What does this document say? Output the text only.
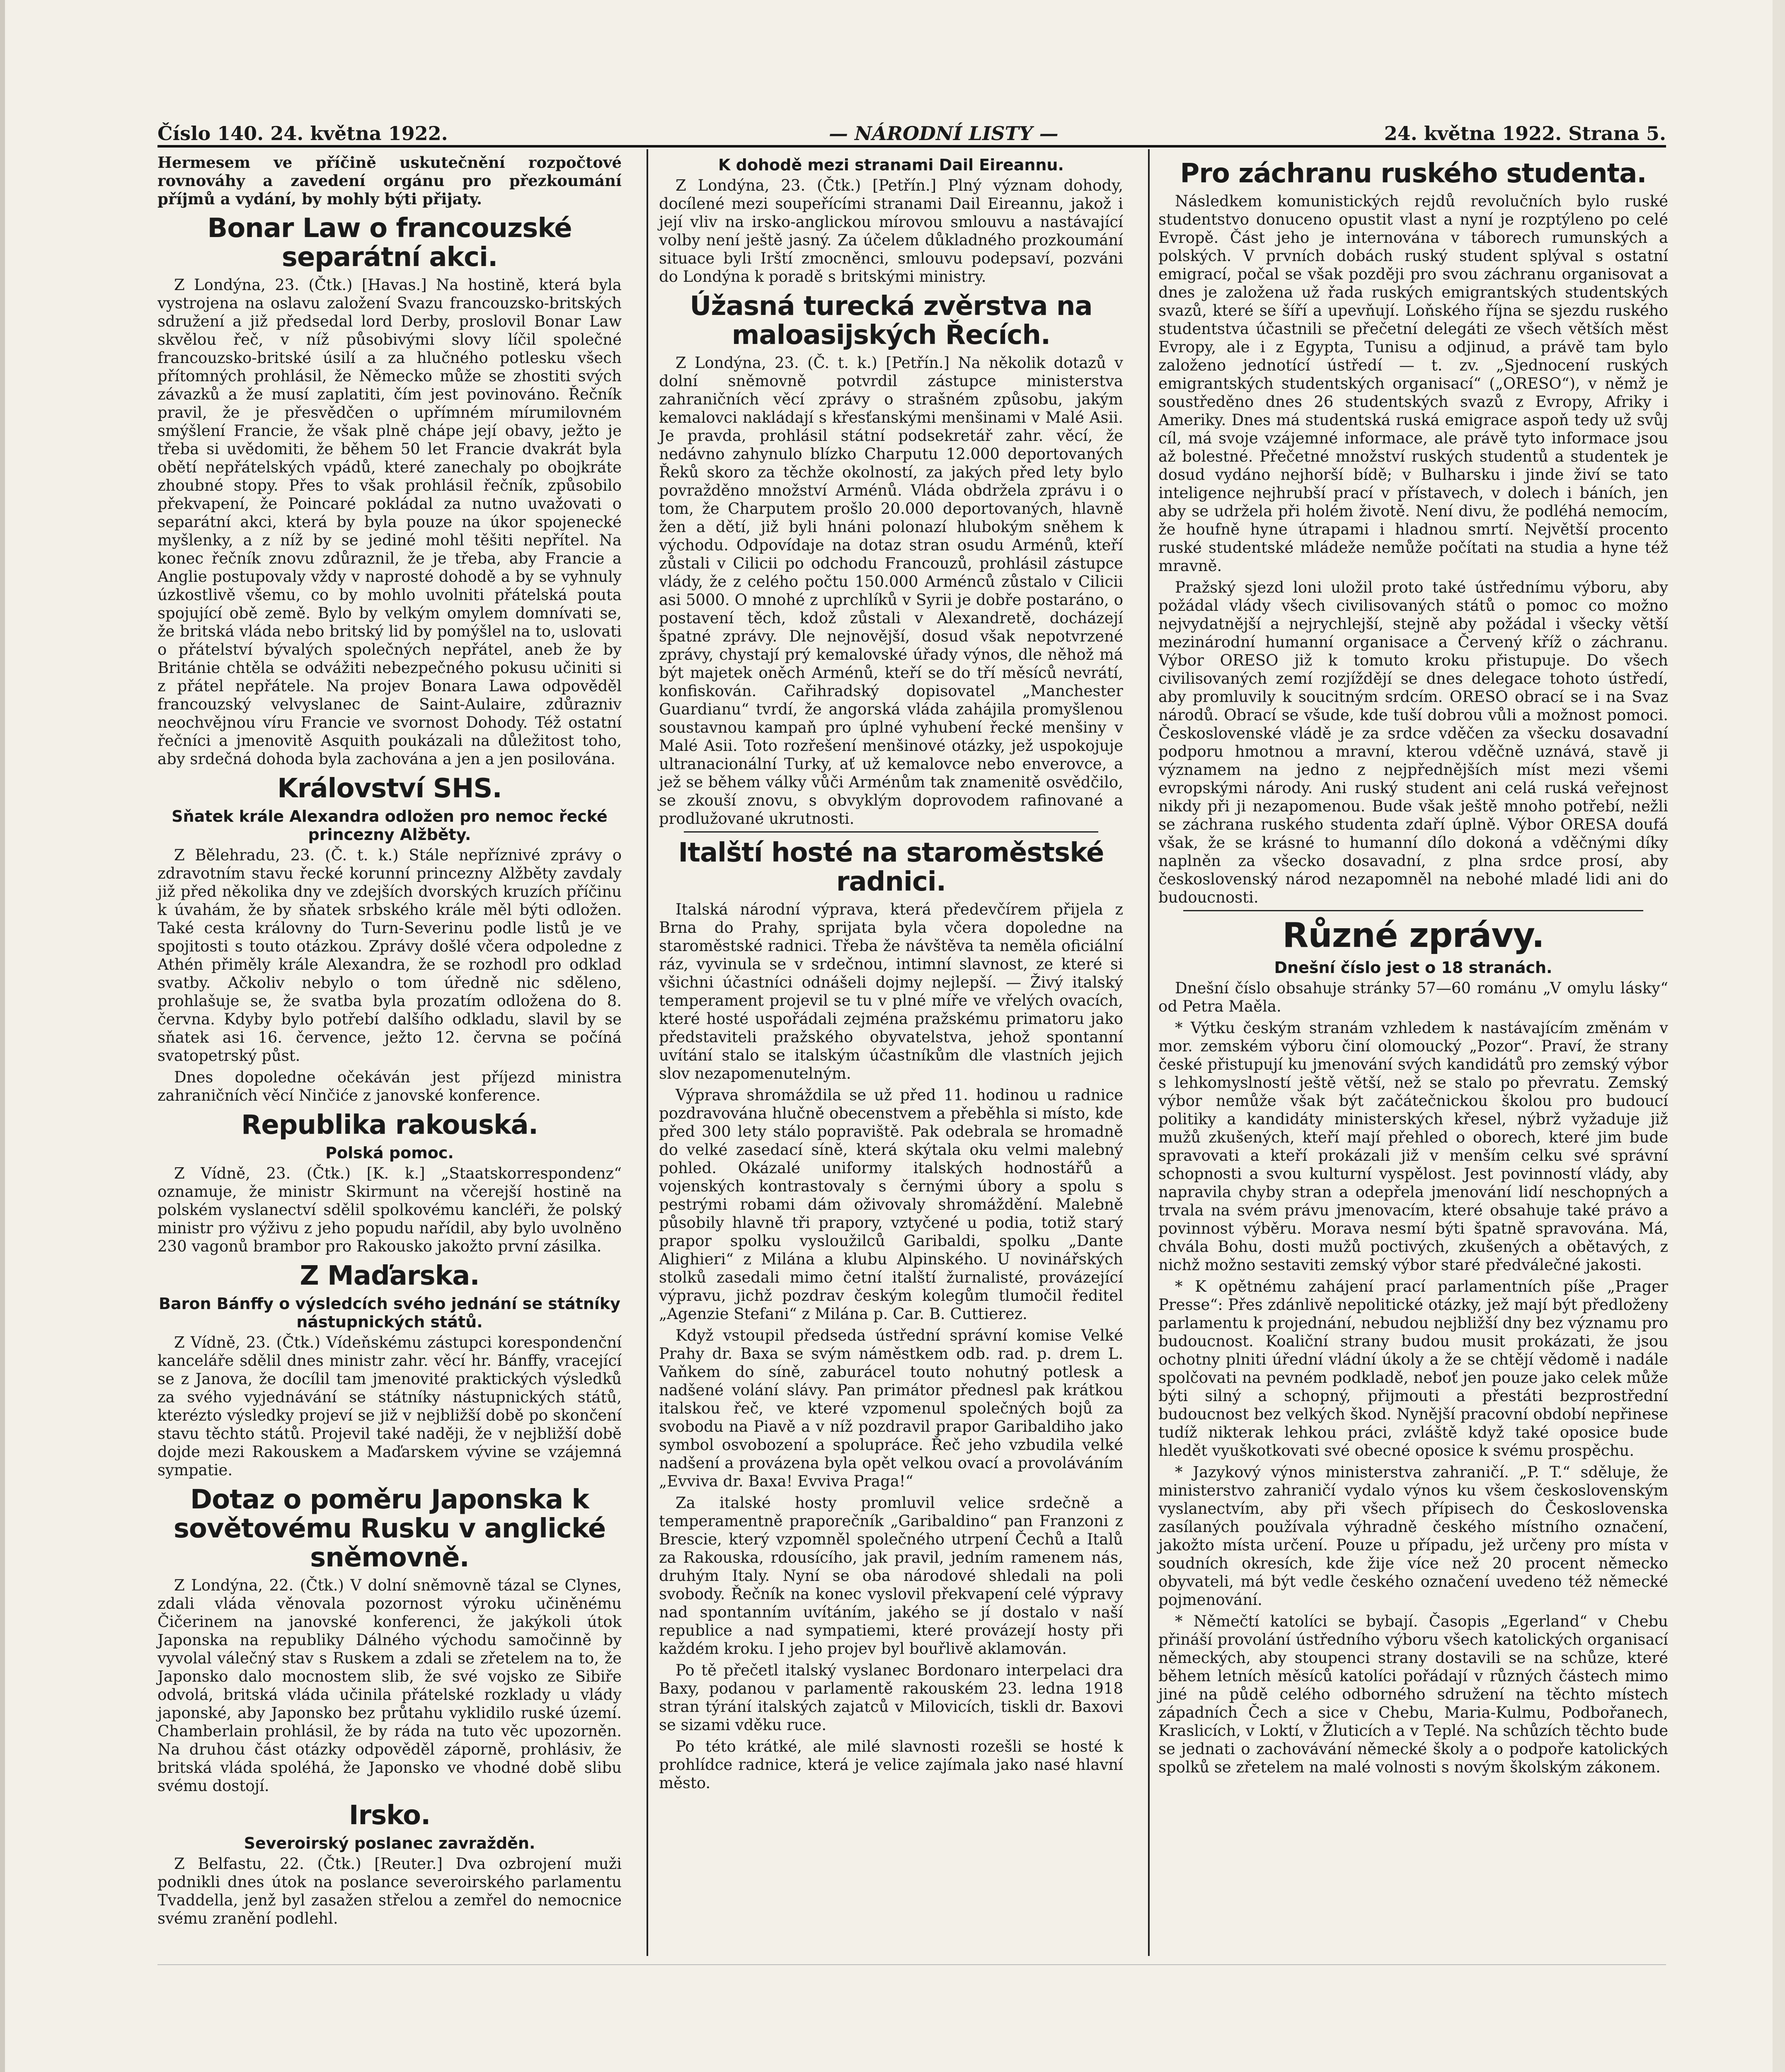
Číslo 140. 24. května 1922.	— NÁRODNÍ LISTY —	24. května 1922. Strana 5.

Hermesem ve příčině uskutečnění rozpočtové rovnováhy a zavedení orgánu pro přezkoumání příjmů a vydání, by mohly býti přijaty.

Bonar Law o francouzské separátní akci.

Z Londýna, 23. (Čtk.) [Havas.] Na hostině, která byla vystrojena na oslavu založení Svazu francouzsko-britských sdružení a již předsedal lord Derby, proslovil Bonar Law skvělou řeč, v níž působivými slovy líčil společné francouzsko-britské úsilí a za hlučného potlesku všech přítomných prohlásil, že Německo může se zhostiti svých závazků a že musí zaplatiti, čím jest povinováno. Řečník pravil, že je přesvědčen o upřímném mírumilovném smýšlení Francie, že však plně chápe její obavy, ježto je třeba si uvědomiti, že během 50 let Francie dvakrát byla obětí nepřátelských vpádů, které zanechaly po obojkráte zhoubné stopy. Přes to však prohlásil řečník, způsobilo překvapení, že Poincaré pokládal za nutno uvažovati o separátní akci, která by byla pouze na úkor spojenecké myšlenky, a z níž by se jediné mohl těšiti nepřítel. Na konec řečník znovu zdůraznil, že je třeba, aby Francie a Anglie postupovaly vždy v naprosté dohodě a by se vyhnuly úzkostlivě všemu, co by mohlo uvolniti přátelská pouta spojující obě země. Bylo by velkým omylem domnívati se, že britská vláda nebo britský lid by pomýšlel na to, uslovati o přátelství bývalých společných nepřátel, aneb že by Británie chtěla se odvážiti nebezpečného pokusu učiniti si z přátel nepřátele. Na projev Bonara Lawa odpověděl francouzský velvyslanec de Saint-Aulaire, zdůrazniv neochvějnou víru Francie ve svornost Dohody. Též ostatní řečníci a jmenovitě Asquith poukázali na důležitost toho, aby srdečná dohoda byla zachována a jen a jen posilována.

Království SHS.
Sňatek krále Alexandra odložen pro nemoc řecké princezny Alžběty.

Z Bělehradu, 23. (Č. t. k.) Stále nepříznivé zprávy o zdravotním stavu řecké korunní princezny Alžběty zavdaly již před několika dny ve zdejších dvorských kruzích příčinu k úvahám, že by sňatek srbského krále měl býti odložen. Také cesta královny do Turn-Severinu podle listů je ve spojitosti s touto otázkou. Zprávy došlé včera odpoledne z Athén přiměly krále Alexandra, že se rozhodl pro odklad svatby. Ačkoliv nebylo o tom úředně nic sděleno, prohlašuje se, že svatba byla prozatím odložena do 8. června. Kdyby bylo potřebí dalšího odkladu, slavil by se sňatek asi 16. července, ježto 12. června se počíná svatopetrský půst.

Dnes dopoledne očekáván jest příjezd ministra zahraničních věcí Ninčiće z janovské konference.

Republika rakouská.
Polská pomoc.

Z Vídně, 23. (Čtk.) [K. k.] „Staatskorrespondenz“ oznamuje, že ministr Skirmunt na včerejší hostině na polském vyslanectví sdělil spolkovému kancléři, že polský ministr pro výživu z jeho popudu nařídil, aby bylo uvolněno 230 vagonů brambor pro Rakousko jakožto první zásilka.

Z Maďarska.
Baron Bánffy o výsledcích svého jednání se státníky nástupnických států.

Z Vídně, 23. (Čtk.) Vídeňskému zástupci korespondenční kanceláře sdělil dnes ministr zahr. věcí hr. Bánffy, vracející se z Janova, že docílil tam jmenovité praktických výsledků za svého vyjednávání se státníky nástupnických států, kterézto výsledky projeví se již v nejbližší době po skončení stavu těchto států. Projevil také naději, že v nejbližší době dojde mezi Rakouskem a Maďarskem vývine se vzájemná sympatie.

Dotaz o poměru Japonska k sovětovému Rusku v anglické sněmovně.

Z Londýna, 22. (Čtk.) V dolní sněmovně tázal se Clynes, zdali vláda věnovala pozornost výroku učiněnému Čičerinem na janovské konferenci, že jakýkoli útok Japonska na republiky Dálného východu samočinně by vyvolal válečný stav s Ruskem a zdali se zřetelem na to, že Japonsko dalo mocnostem slib, že své vojsko ze Sibiře odvolá, britská vláda učinila přátelské rozklady u vlády japonské, aby Japonsko bez průtahu vyklidilo ruské území. Chamberlain prohlásil, že by ráda na tuto věc upozorněn. Na druhou část otázky odpověděl záporně, prohlásiv, že britská vláda spoléhá, že Japonsko ve vhodné době slibu svému dostojí.

Irsko.
Severoirský poslanec zavražděn.

Z Belfastu, 22. (Čtk.) [Reuter.] Dva ozbrojení muži podnikli dnes útok na poslance severoirského parlamentu Tvaddella, jenž byl zasažen střelou a zemřel do nemocnice svému zranění podlehl.

K dohodě mezi stranami Dail Eireannu.

Z Londýna, 23. (Čtk.) [Petřín.] Plný význam dohody, docílené mezi soupeřícími stranami Dail Eireannu, jakož i její vliv na irsko-anglickou mírovou smlouvu a nastávající volby není ještě jasný. Za účelem důkladného prozkoumání situace byli Irští zmocněnci, smlouvu podepsaví, pozváni do Londýna k poradě s britskými ministry.

Úžasná turecká zvěrstva na maloasijských Řecích.

Z Londýna, 23. (Č. t. k.) [Petřín.] Na několik dotazů v dolní sněmovně potvrdil zástupce ministerstva zahraničních věcí zprávy o strašném způsobu, jakým kemalovci nakládají s křesťanskými menšinami v Malé Asii. Je pravda, prohlásil státní podsekretář zahr. věcí, že nedávno zahynulo blízko Charputu 12.000 deportovaných Řeků skoro za těchže okolností, za jakých před lety bylo povražděno množství Arménů. Vláda obdržela zprávu i o tom, že Charputem prošlo 20.000 deportovaných, hlavně žen a dětí, již byli hnáni polonazí hlubokým sněhem k východu. Odpovídaje na dotaz stran osudu Arménů, kteří zůstali v Cilicii po odchodu Francouzů, prohlásil zástupce vlády, že z celého počtu 150.000 Arménců zůstalo v Cilicii asi 5000. O mnohé z uprchlíků v Syrii je dobře postaráno, o postavení těch, kdož zůstali v Alexandretě, docházejí špatné zprávy. Dle nejnovější, dosud však nepotvrzené zprávy, chystají prý kemalovské úřady výnos, dle něhož má být majetek oněch Arménů, kteří se do tří měsíců nevrátí, konfiskován. Cařihradský dopisovatel „Manchester Guardianu“ tvrdí, že angorská vláda zahájila promyšlenou soustavnou kampaň pro úplné vyhubení řecké menšiny v Malé Asii. Toto rozřešení menšinové otázky, jež uspokojuje ultranacionální Turky, ať už kemalovce nebo enverovce, a jež se během války vůči Arménům tak znamenitě osvědčilo, se zkouší znovu, s obvyklým doprovodem rafinované a prodlužované ukrutnosti.

Italští hosté na staroměstské radnici.

Italská národní výprava, která předevčírem přijela z Brna do Prahy, sprijata byla včera dopoledne na staroměstské radnici. Třeba že návštěva ta neměla oficiální ráz, vyvinula se v srdečnou, intimní slavnost, ze které si všichni účastníci odnášeli dojmy nejlepší. — Živý italský temperament projevil se tu v plné míře ve vřelých ovacích, které hosté uspořádali zejména pražskému primatoru jako představiteli pražského obyvatelstva, jehož spontanní uvítání stalo se italským účastníkům dle vlastních jejich slov nezapomenutelným.

Výprava shromáždila se už před 11. hodinou u radnice pozdravována hlučně obecenstvem a přeběhla si místo, kde před 300 lety stálo popraviště. Pak odebrala se hromadně do velké zasedací síně, která skýtala oku velmi malebný pohled. Okázalé uniformy italských hodnostářů a vojenských kontrastovaly s černými úbory a spolu s pestrými robami dám oživovaly shromáždění. Malebně působily hlavně tři prapory, vztyčené u podia, totiž starý prapor spolku vysloužilců Garibaldi, spolku „Dante Alighieri“ z Milána a klubu Alpinského. U novinářských stolků zasedali mimo četní italští žurnalisté, provázející výpravu, jichž pozdrav českým kolegům tlumočil ředitel „Agenzie Stefani“ z Milána p. Car. B. Cuttierez.

Když vstoupil předseda ústřední správní komise Velké Prahy dr. Baxa se svým náměstkem odb. rad. p. drem L. Vaňkem do síně, zaburácel touto nohutný potlesk a nadšené volání slávy. Pan primátor přednesl pak krátkou italskou řeč, ve které vzpomenul společných bojů za svobodu na Piavě a v níž pozdravil prapor Garibaldiho jako symbol osvobození a spolupráce. Řeč jeho vzbudila velké nadšení a provázena byla opět velkou ovací a provoláváním „Evviva dr. Baxa! Evviva Praga!“

Za italské hosty promluvil velice srdečně a temperamentně praporečník „Garibaldino“ pan Franzoni z Brescie, který vzpomněl společného utrpení Čechů a Italů za Rakouska, rdousícího, jak pravil, jedním ramenem nás, druhým Italy. Nyní se oba národové shledali na poli svobody. Řečník na konec vyslovil překvapení celé výpravy nad spontanním uvítáním, jakého se jí dostalo v naší republice a nad sympatiemi, které provázejí hosty při každém kroku. I jeho projev byl bouřlivě aklamován.

Po tě přečetl italský vyslanec Bordonaro interpelaci dra Baxy, podanou v parlamentě rakouském 23. ledna 1918 stran týrání italských zajatců v Milovicích, tiskli dr. Baxovi se sizami vděku ruce.

Po této krátké, ale milé slavnosti rozešli se hosté k prohlídce radnice, která je velice zajímala jako nasé hlavní město.

Pro záchranu ruského studenta.

Následkem komunistických rejdů revolučních bylo ruské studentstvo donuceno opustit vlast a nyní je rozptýleno po celé Evropě. Část jeho je internována v táborech rumunských a polských. V prvních dobách ruský student splýval s ostatní emigrací, počal se však později pro svou záchranu organisovat a dnes je založena už řada ruských emigrantských studentských svazů, které se šíří a upevňují. Loňského října se sjezdu ruského studentstva účastnili se přečetní delegáti ze všech větších měst Evropy, ale i z Egypta, Tunisu a odjinud, a právě tam bylo založeno jednotící ústředí — t. zv. „Sjednocení ruských emigrantských studentských organisací“ („ORESO“), v němž je soustředěno dnes 26 studentských svazů z Evropy, Afriky i Ameriky. Dnes má studentská ruská emigrace aspoň tedy už svůj cíl, má svoje vzájemné informace, ale právě tyto informace jsou až bolestné. Přečetné množství ruských studentů a studentek je dosud vydáno nejhorší bídě; v Bulharsku i jinde živí se tato inteligence nejhrubší prací v přístavech, v dolech i báních, jen aby se udržela při holém životě. Není divu, že podléhá nemocím, že houfně hyne útrapami i hladnou smrtí. Největší procento ruské studentské mládeže nemůže počítati na studia a hyne též mravně.

Pražský sjezd loni uložil proto také ústřednímu výboru, aby požádal vlády všech civilisovaných států o pomoc co možno nejvydatnější a nejrychlejší, stejně aby požádal i všecky větší mezinárodní humanní organisace a Červený kříž o záchranu. Výbor ORESO již k tomuto kroku přistupuje. Do všech civilisovaných zemí rozjíždějí se dnes delegace tohoto ústředí, aby promluvily k soucitným srdcím. ORESO obrací se i na Svaz národů. Obrací se všude, kde tuší dobrou vůli a možnost pomoci. Československé vládě je za srdce vděčen za všecku dosavadní podporu hmotnou a mravní, kterou vděčně uznává, stavě ji významem na jedno z nejpřednějších míst mezi všemi evropskými národy. Ani ruský student ani celá ruská veřejnost nikdy při ji nezapomenou. Bude však ještě mnoho potřebí, nežli se záchrana ruského studenta zdaří úplně. Výbor ORESA doufá však, že se krásné to humanní dílo dokoná a vděčnými díky naplněn za všecko dosavadní, z plna srdce prosí, aby československý národ nezapomněl na nebohé mladé lidi ani do budoucnosti.

Různé zprávy.
Dnešní číslo jest o 18 stranách.

Dnešní číslo obsahuje stránky 57—60 románu „V omylu lásky“ od Petra Maěla.

* Výtku českým stranám vzhledem k nastávajícím změnám v mor. zemském výboru činí olomoucký „Pozor“. Praví, že strany české přistupují ku jmenování svých kandidátů pro zemský výbor s lehkomyslností ještě větší, než se stalo po převratu. Zemský výbor nemůže však být začátečnickou školou pro budoucí politiky a kandidáty ministerských křesel, nýbrž vyžaduje již mužů zkušených, kteří mají přehled o oborech, které jim bude spravovati a kteří prokázali již v menším celku své správní schopnosti a svou kulturní vyspělost. Jest povinností vlády, aby napravila chyby stran a odepřela jmenování lidí neschopných a trvala na svém právu jmenovacím, které obsahuje také právo a povinnost výběru. Morava nesmí býti špatně spravována. Má, chvála Bohu, dosti mužů poctivých, zkušených a obětavých, z nichž možno sestaviti zemský výbor staré předválečné jakosti.

* K opětnému zahájení prací parlamentních píše „Prager Presse“: Přes zdánlivě nepolitické otázky, jež mají být předloženy parlamentu k projednání, nebudou nejbližší dny bez významu pro budoucnost. Koaliční strany budou musit prokázati, že jsou ochotny plniti úřední vládní úkoly a že se chtějí vědomě i nadále spolčovati na pevném podkladě, neboť jen pouze jako celek může býti silný a schopný, přijmouti a přestáti bezprostřední budoucnost bez velkých škod. Nynější pracovní období nepřinese tudíž nikterak lehkou práci, zvláště když také oposice bude hledět vyuškotkovati své obecné oposice k svému prospěchu.

* Jazykový výnos ministerstva zahraničí. „P. T.“ sděluje, že ministerstvo zahraničí vydalo výnos ku všem československým vyslanectvím, aby při všech přípisech do Československa zasílaných používala výhradně českého místního označení, jakožto místa určení. Pouze u případu, jež určeny pro místa v soudních okresích, kde žije více než 20 procent německo obyvateli, má být vedle českého označení uvedeno též německé pojmenování.

* Němečtí katolíci se bybají. Časopis „Egerland“ v Chebu přináší provolání ústředního výboru všech katolických organisací německých, aby stoupenci strany dostavili se na schůze, které během letních měsíců katolíci pořádají v různých částech mimo jiné na půdě celého odborného sdružení na těchto místech západních Čech a sice v Chebu, Maria-Kulmu, Podbořanech, Kraslicích, v Loktí, v Žluticích a v Teplé. Na schůzích těchto bude se jednati o zachovávání německé školy a o podpoře katolických spolků se zřetelem na malé volnosti s novým školským zákonem.
